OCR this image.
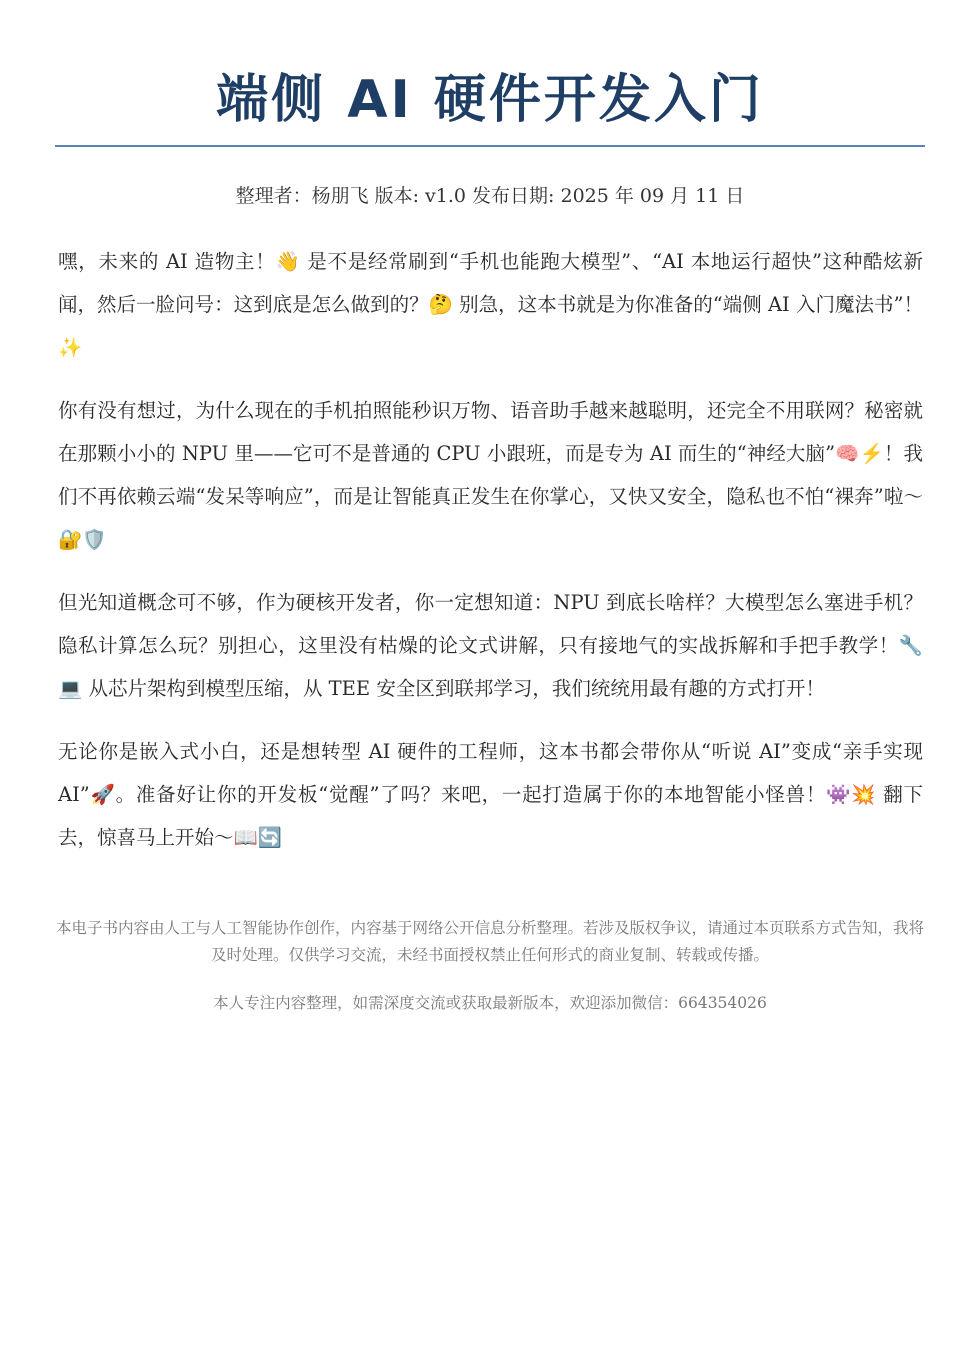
端侧 AI 硬件开发入门
整理者：杨朋飞 版本: v1.0 发布日期: 2025 年 09 月 11 日

嘿，未来的 AI 造物主！👋 是不是经常刷到“手机也能跑大模型”、“AI 本地运行超快”这种酷炫新闻，然后一脸问号：这到底是怎么做到的？🤔 别急，这本书就是为你准备的“端侧 AI 入门魔法书”！✨

你有没有想过，为什么现在的手机拍照能秒识万物、语音助手越来越聪明，还完全不用联网？秘密就在那颗小小的 NPU 里——它可不是普通的 CPU 小跟班，而是专为 AI 而生的“神经大脑”🧠⚡！我们不再依赖云端“发呆等响应”，而是让智能真正发生在你掌心，又快又安全，隐私也不怕“裸奔”啦～🔐🛡️

但光知道概念可不够，作为硬核开发者，你一定想知道：NPU 到底长啥样？大模型怎么塞进手机？隐私计算怎么玩？别担心，这里没有枯燥的论文式讲解，只有接地气的实战拆解和手把手教学！🔧💻 从芯片架构到模型压缩，从 TEE 安全区到联邦学习，我们统统用最有趣的方式打开！

无论你是嵌入式小白，还是想转型 AI 硬件的工程师，这本书都会带你从“听说 AI”变成“亲手实现 AI”🚀。准备好让你的开发板“觉醒”了吗？来吧，一起打造属于你的本地智能小怪兽！👾💥 翻下去，惊喜马上开始～📖🔄

本电子书内容由人工与人工智能协作创作，内容基于网络公开信息分析整理。若涉及版权争议，请通过本页联系方式告知，我将及时处理。仅供学习交流，未经书面授权禁止任何形式的商业复制、转载或传播。
本人专注内容整理，如需深度交流或获取最新版本，欢迎添加微信：664354026
